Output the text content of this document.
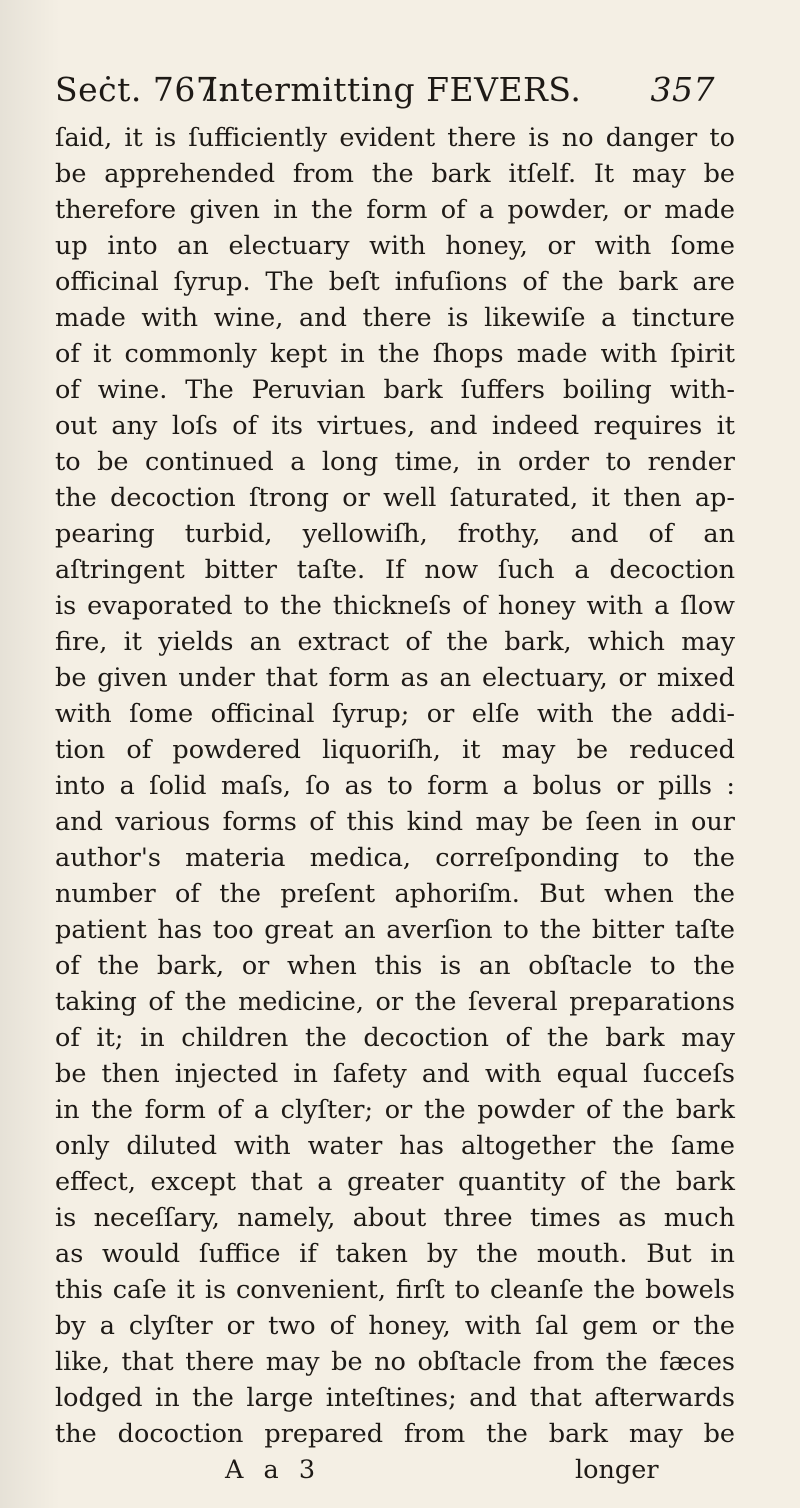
Seċt. 767.
Intermitting FEVERS. 357
ſaid, it is ſufficiently evident there is no danger to
be apprehended from the bark itſelf. It may be
therefore given in the form of a powder, or made
up into an electuary with honey, or with ſome
officinal ſyrup. The beſt infuſions of the bark are
made with wine, and there is likewiſe a tincture
of it commonly kept in the ſhops made with ſpirit
of wine. The Peruvian bark ſuffers boiling with-
out any loſs of its virtues, and indeed requires it
to be continued a long time, in order to render
the decoction ſtrong or well ſaturated, it then ap-
pearing turbid, yellowiſh, frothy, and of an
aſtringent bitter taſte. If now ſuch a decoction
is evaporated to the thickneſs of honey with a ſlow
fire, it yields an extract of the bark, which may
be given under that form as an electuary, or mixed
with ſome officinal ſyrup; or elſe with the addi-
tion of powdered liquoriſh, it may be reduced
into a ſolid maſs, ſo as to form a bolus or pills :
and various forms of this kind may be ſeen in our
author's materia medica, correſponding to the
number of the preſent aphoriſm. But when the
patient has too great an averſion to the bitter taſte
of the bark, or when this is an obſtacle to the
taking of the medicine, or the ſeveral preparations
of it; in children the decoction of the bark may
be then injected in ſafety and with equal ſucceſs
in the form of a clyſter; or the powder of the bark
only diluted with water has altogether the ſame
effect, except that a greater quantity of the bark
is neceſſary, namely, about three times as much
as would ſuffice if taken by the mouth. But in
this caſe it is convenient, firſt to cleanſe the bowels
by a clyſter or two of honey, with ſal gem or the
like, that there may be no obſtacle from the fæces
lodged in the large inteſtines; and that afterwards
the docoction prepared from the bark may be
A a 3	longer
